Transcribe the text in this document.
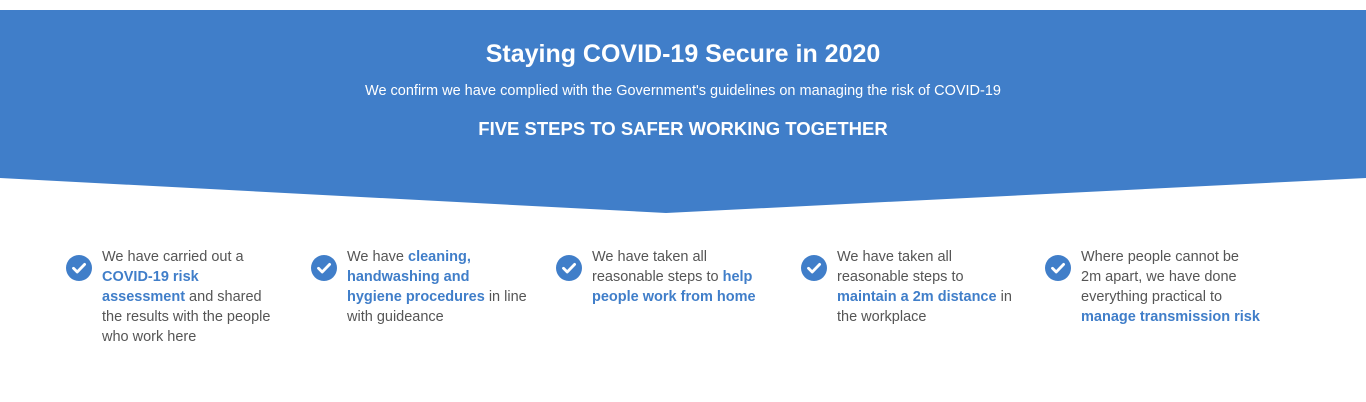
Staying COVID-19 Secure in 2020

We confirm we have complied with the Government's guidelines on managing the risk of COVID-19

FIVE STEPS TO SAFER WORKING TOGETHER
We have carried out a COVID-19 risk assessment and shared the results with the people who work here
We have cleaning, handwashing and hygiene procedures in line with guideance
We have taken all reasonable steps to help people work from home
We have taken all reasonable steps to maintain a 2m distance in the workplace
Where people cannot be 2m apart, we have done everything practical to manage transmission risk
